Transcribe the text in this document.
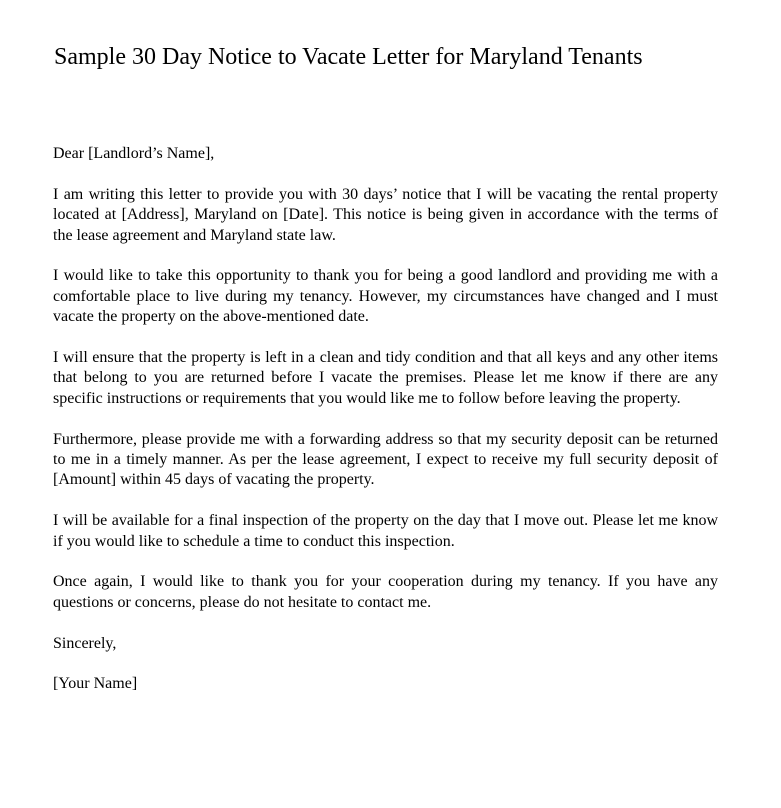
Sample 30 Day Notice to Vacate Letter for Maryland Tenants

Dear [Landlord’s Name],

I am writing this letter to provide you with 30 days’ notice that I will be vacating the rental property located at [Address], Maryland on [Date]. This notice is being given in accordance with the terms of the lease agreement and Maryland state law.

I would like to take this opportunity to thank you for being a good landlord and providing me with a comfortable place to live during my tenancy. However, my circumstances have changed and I must vacate the property on the above-mentioned date.

I will ensure that the property is left in a clean and tidy condition and that all keys and any other items that belong to you are returned before I vacate the premises. Please let me know if there are any specific instructions or requirements that you would like me to follow before leaving the property.

Furthermore, please provide me with a forwarding address so that my security deposit can be returned to me in a timely manner. As per the lease agreement, I expect to receive my full security deposit of [Amount] within 45 days of vacating the property.

I will be available for a final inspection of the property on the day that I move out. Please let me know if you would like to schedule a time to conduct this inspection.

Once again, I would like to thank you for your cooperation during my tenancy. If you have any questions or concerns, please do not hesitate to contact me.

Sincerely,

[Your Name]
